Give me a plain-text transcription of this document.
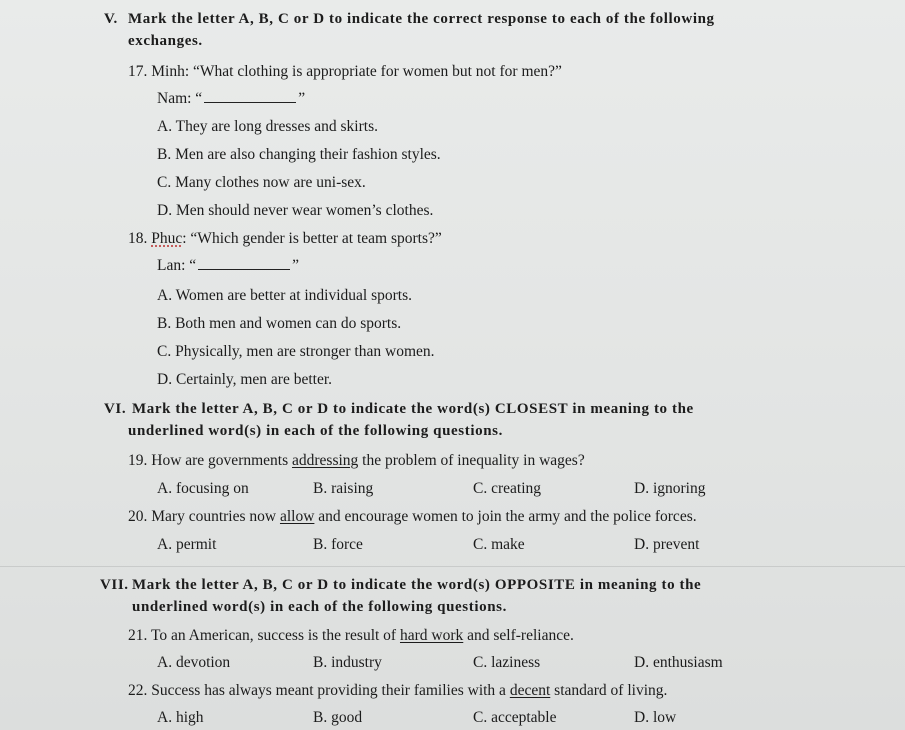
V. Mark the letter A, B, C or D to indicate the correct response to each of the following
exchanges.
17. Minh: “What clothing is appropriate for women but not for men?”
Nam: “	”
A. They are long dresses and skirts.
B. Men are also changing their fashion styles.
C. Many clothes now are uni-sex.
D. Men should never wear women’s clothes.
18. Phuc: “Which gender is better at team sports?”
Lan: “	”
A. Women are better at individual sports.
B. Both men and women can do sports.
C. Physically, men are stronger than women.
D. Certainly, men are better.
VI. Mark the letter A, B, C or D to indicate the word(s) CLOSEST in meaning to the
underlined word(s) in each of the following questions.
19. How are governments addressing the problem of inequality in wages?
A. focusing on	B. raising	C. creating	D. ignoring
20. Mary countries now allow and encourage women to join the army and the police forces.
A. permit	B. force	C. make	D. prevent
VII. Mark the letter A, B, C or D to indicate the word(s) OPPOSITE in meaning to the
underlined word(s) in each of the following questions.
21. To an American, success is the result of hard work and self-reliance.
A. devotion	B. industry	C. laziness	D. enthusiasm
22. Success has always meant providing their families with a decent standard of living.
A. high	B. good	C. acceptable	D. low
